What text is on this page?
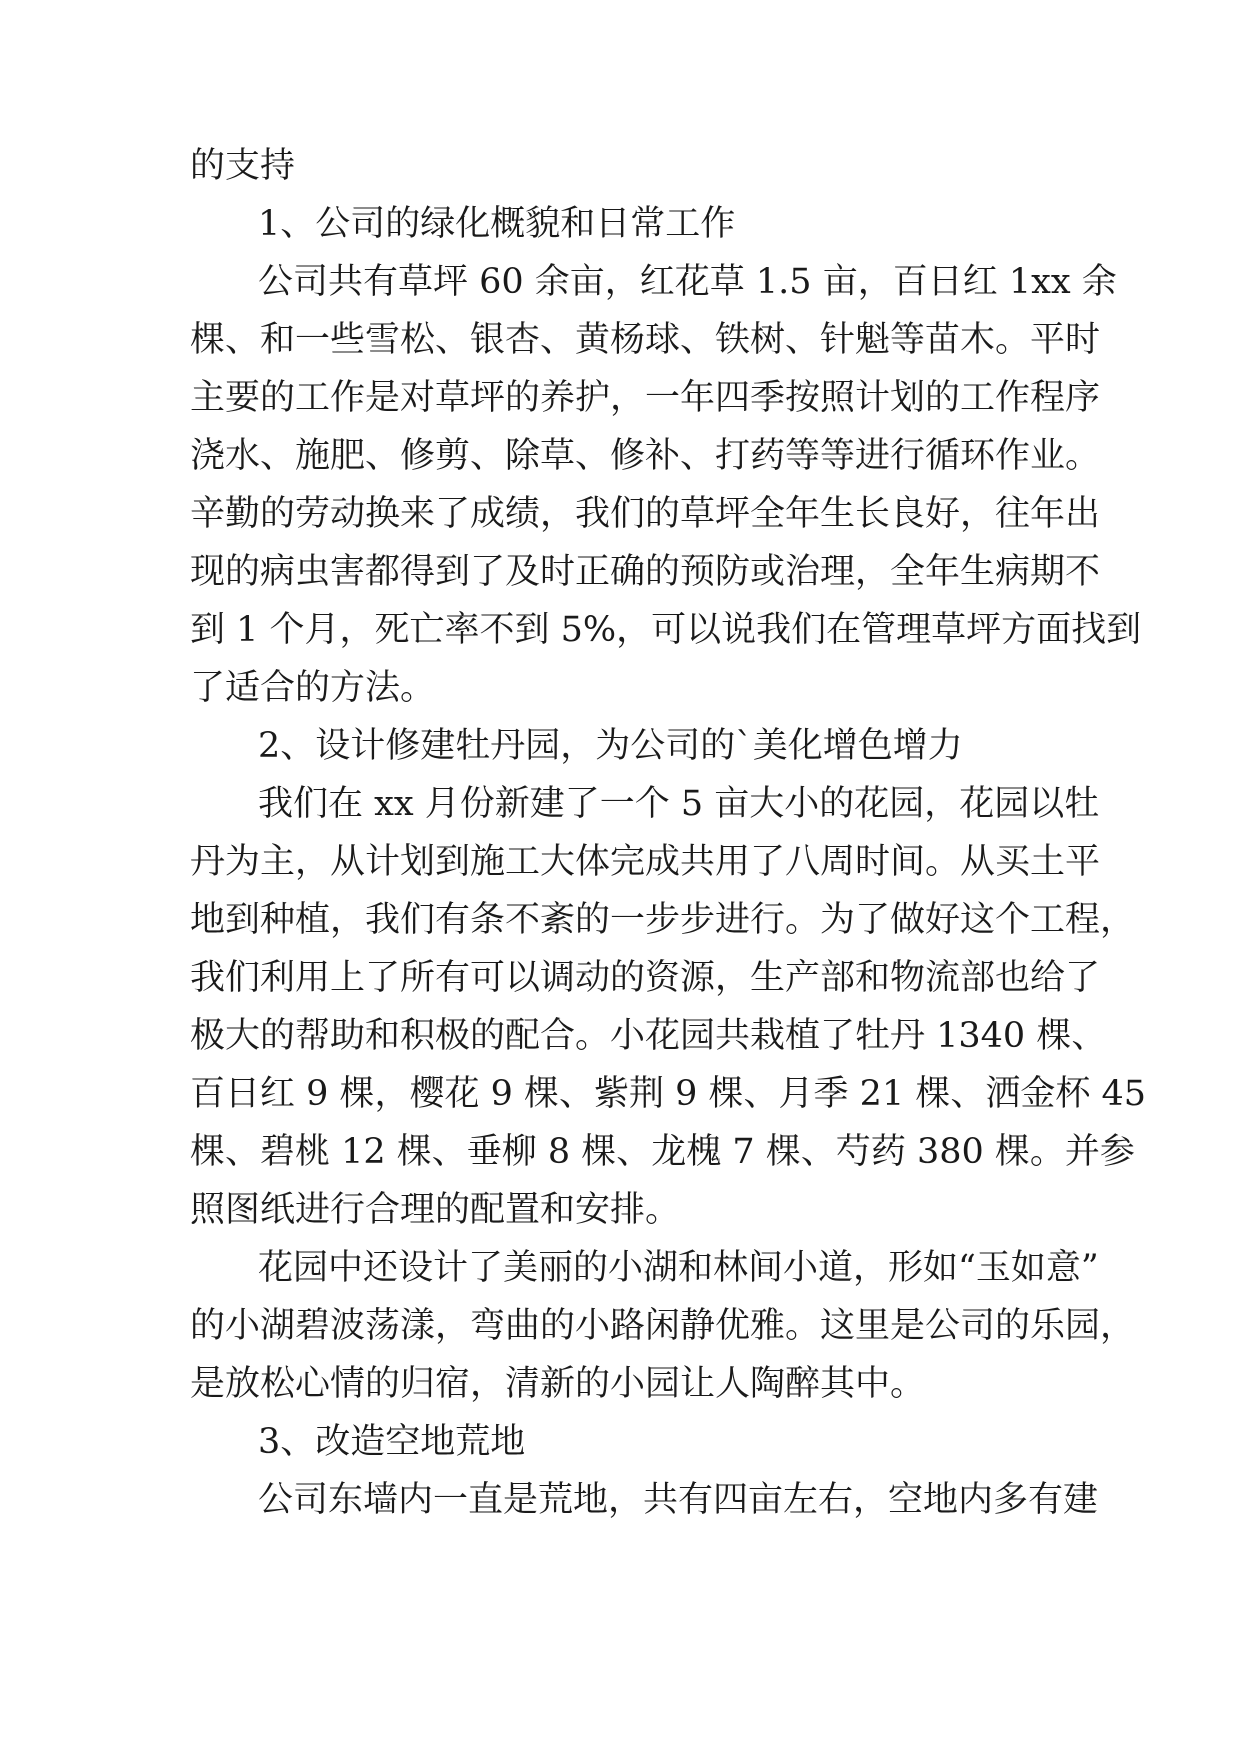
的支持
1、公司的绿化概貌和日常工作
公司共有草坪 60 余亩，红花草 1.5 亩，百日红 1xx 余
棵、和一些雪松、银杏、黄杨球、铁树、针魁等苗木。平时
主要的工作是对草坪的养护，一年四季按照计划的工作程序
浇水、施肥、修剪、除草、修补、打药等等进行循环作业。
辛勤的劳动换来了成绩，我们的草坪全年生长良好，往年出
现的病虫害都得到了及时正确的预防或治理，全年生病期不
到 1 个月，死亡率不到 5%，可以说我们在管理草坪方面找到
了适合的方法。
2、设计修建牡丹园，为公司的`美化增色增力
我们在 xx 月份新建了一个 5 亩大小的花园，花园以牡
丹为主，从计划到施工大体完成共用了八周时间。从买土平
地到种植，我们有条不紊的一步步进行。为了做好这个工程，
我们利用上了所有可以调动的资源，生产部和物流部也给了
极大的帮助和积极的配合。小花园共栽植了牡丹 1340 棵、
百日红 9 棵，樱花 9 棵、紫荆 9 棵、月季 21 棵、洒金杯 45
棵、碧桃 12 棵、垂柳 8 棵、龙槐 7 棵、芍药 380 棵。并参
照图纸进行合理的配置和安排。
花园中还设计了美丽的小湖和林间小道，形如“玉如意”
的小湖碧波荡漾，弯曲的小路闲静优雅。这里是公司的乐园，
是放松心情的归宿，清新的小园让人陶醉其中。
3、改造空地荒地
公司东墙内一直是荒地，共有四亩左右，空地内多有建
